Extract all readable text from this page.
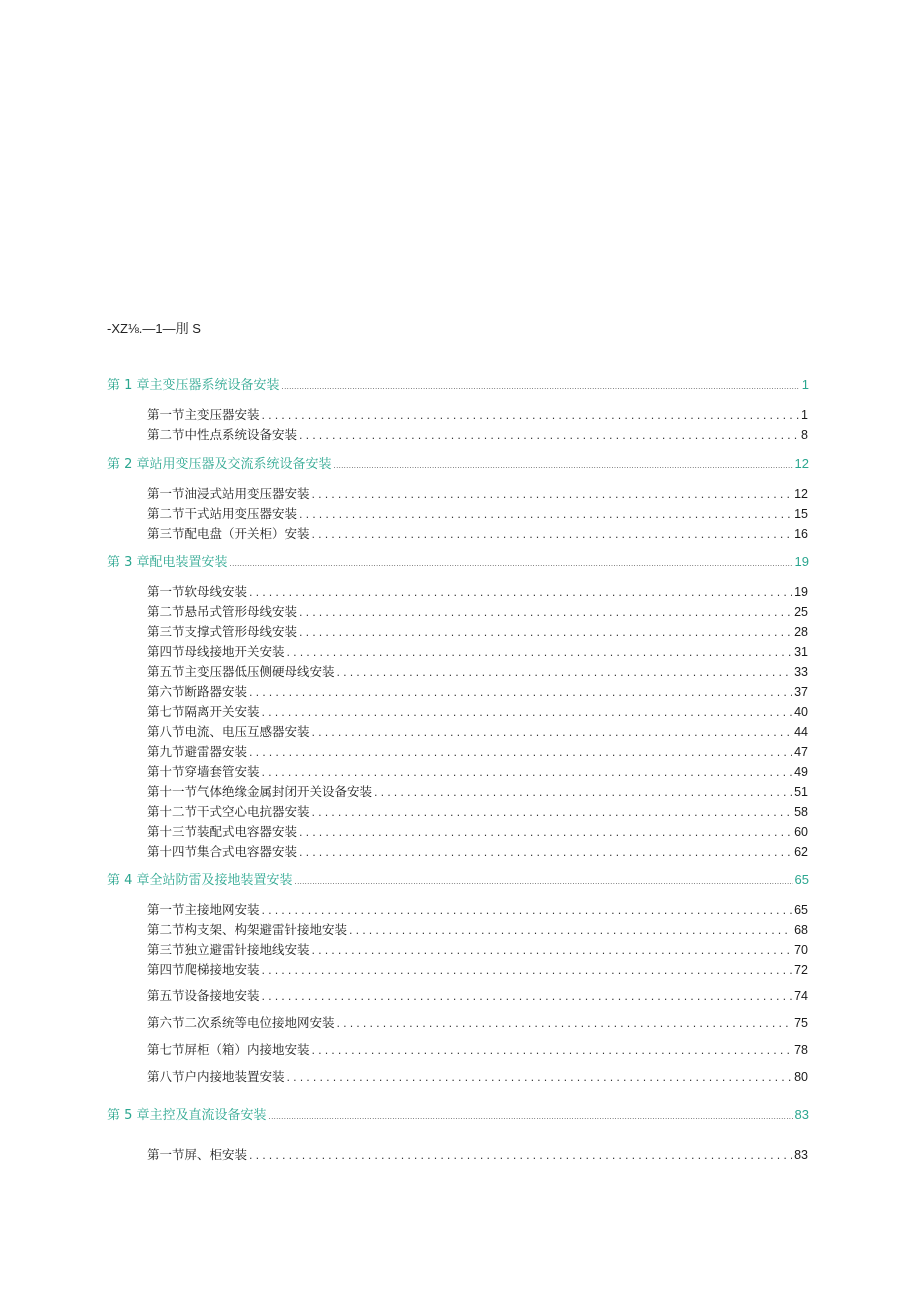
-XZ⅛.—1—刖 S
第 1 章主变压器系统设备安装 .....	1
第一节主变压器安装 .....	1
第二节中性点系统设备安装 .....	8
第 2 章站用变压器及交流系统设备安装 .....	12
第一节油浸式站用变压器安装 .....	12
第二节干式站用变压器安装 .....	15
第三节配电盘（开关柜）安装 .....	16
第 3 章配电装置安装 .....	19
第一节软母线安装 .....	19
第二节悬吊式管形母线安装 .....	25
第三节支撑式管形母线安装 .....	28
第四节母线接地开关安装 .....	31
第五节主变压器低压侧硬母线安装 .....	33
第六节断路器安装 .....	37
第七节隔离开关安装 .....	40
第八节电流、电压互感器安装 .....	44
第九节避雷器安装 .....	47
第十节穿墙套管安装 .....	49
第十一节气体绝缘金属封闭开关设备安装 .....	51
第十二节干式空心电抗器安装 .....	58
第十三节装配式电容器安装 .....	60
第十四节集合式电容器安装 .....	62
第 4 章全站防雷及接地装置安装 .....	65
第一节主接地网安装 .....	65
第二节构支架、构架避雷针接地安装 .....	68
第三节独立避雷针接地线安装 .....	70
第四节爬梯接地安装 .....	72
第五节设备接地安装 .....	74
第六节二次系统等电位接地网安装 .....	75
第七节屏柜（箱）内接地安装 .....	78
第八节户内接地装置安装 .....	80
第 5 章主控及直流设备安装 .....	83
第一节屏、柜安装 .....	83
